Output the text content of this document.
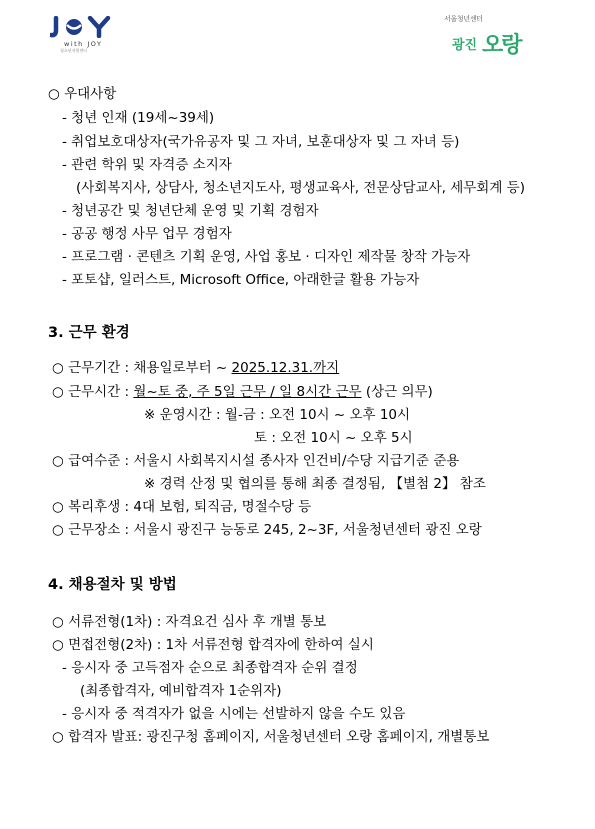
with JOY
청소년지원센터
서울청년센터
광진 오랑
○ 우대사항
- 청년 인재 (19세~39세)
- 취업보호대상자(국가유공자 및 그 자녀, 보훈대상자 및 그 자녀 등)
- 관련 학위 및 자격증 소지자
(사회복지사, 상담사, 청소년지도사, 평생교육사, 전문상담교사, 세무회계 등)
- 청년공간 및 청년단체 운영 및 기획 경험자
- 공공 행정 사무 업무 경험자
- 프로그램 · 콘텐츠 기획 운영, 사업 홍보 · 디자인 제작물 창작 가능자
- 포토샵, 일러스트, Microsoft Office, 아래한글 활용 가능자
3. 근무 환경
○ 근무기간 : 채용일로부터 ~ 2025.12.31.까지
○ 근무시간 : 월~토 중, 주 5일 근무 / 일 8시간 근무 (상근 의무)
※ 운영시간 : 월-금 : 오전 10시 ~ 오후 10시
토 : 오전 10시 ~ 오후 5시
○ 급여수준 : 서울시 사회복지시설 종사자 인건비/수당 지급기준 준용
※ 경력 산정 및 협의를 통해 최종 결정됨, 【별첨 2】 참조
○ 복리후생 : 4대 보험, 퇴직금, 명절수당 등
○ 근무장소 : 서울시 광진구 능동로 245, 2~3F, 서울청년센터 광진 오랑
4. 채용절차 및 방법
○ 서류전형(1차) : 자격요건 심사 후 개별 통보
○ 면접전형(2차) : 1차 서류전형 합격자에 한하여 실시
- 응시자 중 고득점자 순으로 최종합격자 순위 결정
(최종합격자, 예비합격자 1순위자)
- 응시자 중 적격자가 없을 시에는 선발하지 않을 수도 있음
○ 합격자 발표: 광진구청 홈페이지, 서울청년센터 오랑 홈페이지, 개별통보
